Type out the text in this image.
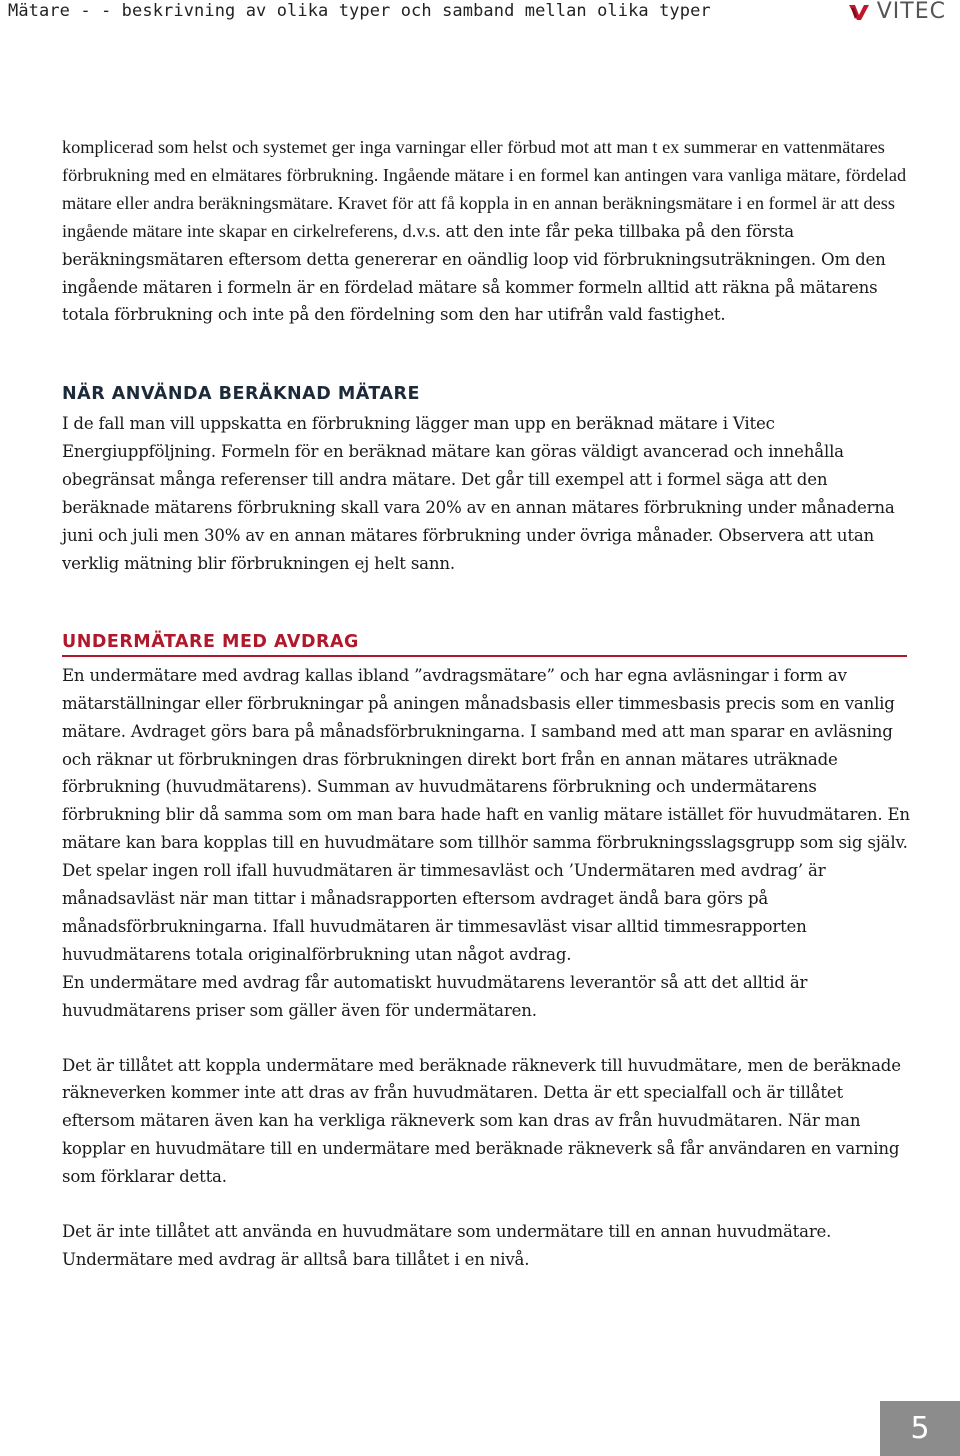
Mätare - - beskrivning av olika typer och samband mellan olika typer	VITEC

komplicerad som helst och systemet ger inga varningar eller förbud mot att man t ex summerar en vattenmätares förbrukning med en elmätares förbrukning. Ingående mätare i en formel kan antingen vara vanliga mätare, fördelad mätare eller andra beräkningsmätare. Kravet för att få koppla in en annan beräkningsmätare i en formel är att dess ingående mätare inte skapar en cirkelreferens, d.v.s. att den inte får peka tillbaka på den första beräkningsmätaren eftersom detta genererar en oändlig loop vid förbrukningsuträkningen. Om den ingående mätaren i formeln är en fördelad mätare så kommer formeln alltid att räkna på mätarens totala förbrukning och inte på den fördelning som den har utifrån vald fastighet.

NÄR ANVÄNDA BERÄKNAD MÄTARE

I de fall man vill uppskatta en förbrukning lägger man upp en beräknad mätare i Vitec Energiuppföljning. Formeln för en beräknad mätare kan göras väldigt avancerad och innehålla obegränsat många referenser till andra mätare. Det går till exempel att i formel säga att den beräknade mätarens förbrukning skall vara 20% av en annan mätares förbrukning under månaderna juni och juli men 30% av en annan mätares förbrukning under övriga månader. Observera att utan verklig mätning blir förbrukningen ej helt sann.

UNDERMÄTARE MED AVDRAG

En undermätare med avdrag kallas ibland ”avdragsmätare” och har egna avläsningar i form av mätarställningar eller förbrukningar på aningen månadsbasis eller timmesbasis precis som en vanlig mätare. Avdraget görs bara på månadsförbrukningarna. I samband med att man sparar en avläsning och räknar ut förbrukningen dras förbrukningen direkt bort från en annan mätares uträknade förbrukning (huvudmätarens). Summan av huvudmätarens förbrukning och undermätarens förbrukning blir då samma som om man bara hade haft en vanlig mätare istället för huvudmätaren. En mätare kan bara kopplas till en huvudmätare som tillhör samma förbrukningsslagsgrupp som sig själv. Det spelar ingen roll ifall huvudmätaren är timmesavläst och ’Undermätaren med avdrag’ är månadsavläst när man tittar i månadsrapporten eftersom avdraget ändå bara görs på månadsförbrukningarna. Ifall huvudmätaren är timmesavläst visar alltid timmesrapporten huvudmätarens totala originalförbrukning utan något avdrag.

En undermätare med avdrag får automatiskt huvudmätarens leverantör så att det alltid är huvudmätarens priser som gäller även för undermätaren.

Det är tillåtet att koppla undermätare med beräknade räkneverk till huvudmätare, men de beräknade räkneverken kommer inte att dras av från huvudmätaren. Detta är ett specialfall och är tillåtet eftersom mätaren även kan ha verkliga räkneverk som kan dras av från huvudmätaren. När man kopplar en huvudmätare till en undermätare med beräknade räkneverk så får användaren en varning som förklarar detta.

Det är inte tillåtet att använda en huvudmätare som undermätare till en annan huvudmätare. Undermätare med avdrag är alltså bara tillåtet i en nivå.

5
